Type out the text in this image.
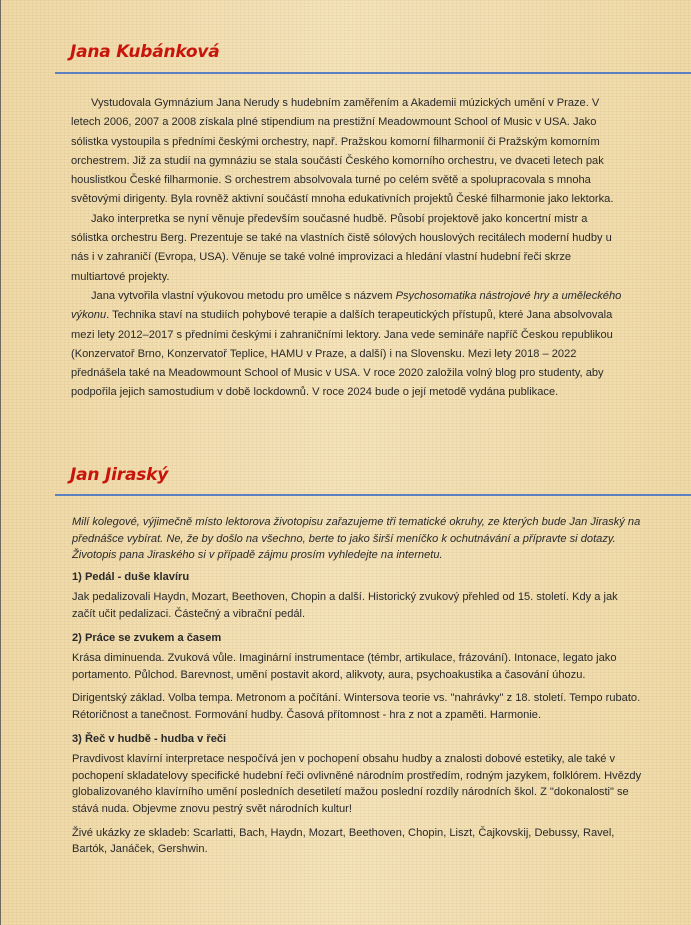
Jana Kubánková

Vystudovala Gymnázium Jana Nerudy s hudebním zaměřením a Akademii múzických umění v Praze. V letech 2006, 2007 a 2008 získala plné stipendium na prestižní Meadowmount School of Music v USA. Jako sólistka vystoupila s předními českými orchestry, např. Pražskou komorní filharmonií či Pražským komorním orchestrem. Již za studií na gymnáziu se stala součástí Českého komorního orchestru, ve dvaceti letech pak houslistkou České filharmonie. S orchestrem absolvovala turné po celém světě a spolupracovala s mnoha světovými dirigenty. Byla rovněž aktivní součástí mnoha edukativních projektů České filharmonie jako lektorka.

Jako interpretka se nyní věnuje především současné hudbě. Působí projektově jako koncertní mistr a sólistka orchestru Berg. Prezentuje se také na vlastních čistě sólových houslových recitálech moderní hudby u nás i v zahraničí (Evropa, USA). Věnuje se také volné improvizaci a hledání vlastní hudební řeči skrze multiartové projekty.

Jana vytvořila vlastní výukovou metodu pro umělce s názvem Psychosomatika nástrojové hry a uměleckého výkonu. Technika staví na studiích pohybové terapie a dalších terapeutických přístupů, které Jana absolvovala mezi lety 2012–2017 s předními českými i zahraničními lektory. Jana vede semináře napříč Českou republikou (Konzervatoř Brno, Konzervatoř Teplice, HAMU v Praze, a další) i na Slovensku. Mezi lety 2018 – 2022 přednášela také na Meadowmount School of Music v USA. V roce 2020 založila volný blog pro studenty, aby podpořila jejich samostudium v době lockdownů. V roce 2024 bude o její metodě vydána publikace.

Jan Jiraský

Milí kolegové, výjimečně místo lektorova životopisu zařazujeme tři tematické okruhy, ze kterých bude Jan Jiraský na přednášce vybírat. Ne, že by došlo na všechno, berte to jako širší meníčko k ochutnávání a přípravte si dotazy. Životopis pana Jiraského si v případě zájmu prosím vyhledejte na internetu.

1) Pedál - duše klavíru

Jak pedalizovali Haydn, Mozart, Beethoven, Chopin a další. Historický zvukový přehled od 15. století. Kdy a jak začít učit pedalizaci. Částečný a vibrační pedál.

2) Práce se zvukem a časem

Krása diminuenda. Zvuková vůle. Imaginární instrumentace (témbr, artikulace, frázování). Intonace, legato jako portamento. Půlchod. Barevnost, umění postavit akord, alikvoty, aura, psychoakustika a časování úhozu.

Dirigentský základ. Volba tempa. Metronom a počítání. Wintersova teorie vs. "nahrávky" z 18. století. Tempo rubato. Rétoričnost a tanečnost. Formování hudby. Časová přítomnost - hra z not a zpaměti. Harmonie.

3) Řeč v hudbě - hudba v řeči

Pravdivost klavírní interpretace nespočívá jen v pochopení obsahu hudby a znalosti dobové estetiky, ale také v pochopení skladatelovy specifické hudební řeči ovlivněné národním prostředím, rodným jazykem, folklórem. Hvězdy globalizovaného klavírního umění posledních desetiletí mažou poslední rozdíly národních škol. Z "dokonalosti" se stává nuda. Objevme znovu pestrý svět národních kultur!

Živé ukázky ze skladeb: Scarlatti, Bach, Haydn, Mozart, Beethoven, Chopin, Liszt, Čajkovskij, Debussy, Ravel, Bartók, Janáček, Gershwin.
